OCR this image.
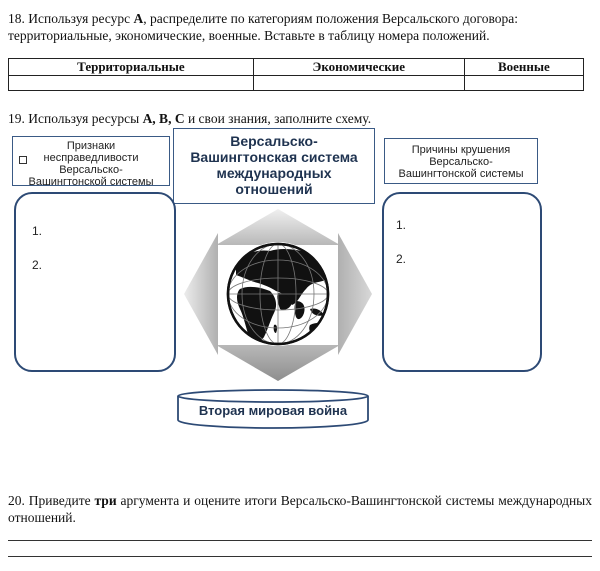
18. Используя ресурс А, распределите по категориям положения Версальского договора: территориальные, экономические, военные. Вставьте в таблицу номера положений.
Территориальные	Экономические	Военные

19. Используя ресурсы А, В, С и свои знания, заполните схему.
Признаки
несправедливости
Версальско-
Вашингтонской системы

Версальско-
Вашингтонская система
международных
отношений

Причины крушения
Версальско-
Вашингтонской системы
1.
2.
1.
2.
Вторая мировая война
20. Приведите три аргумента и оцените итоги Версальско-Вашингтонской системы международных отношений.
